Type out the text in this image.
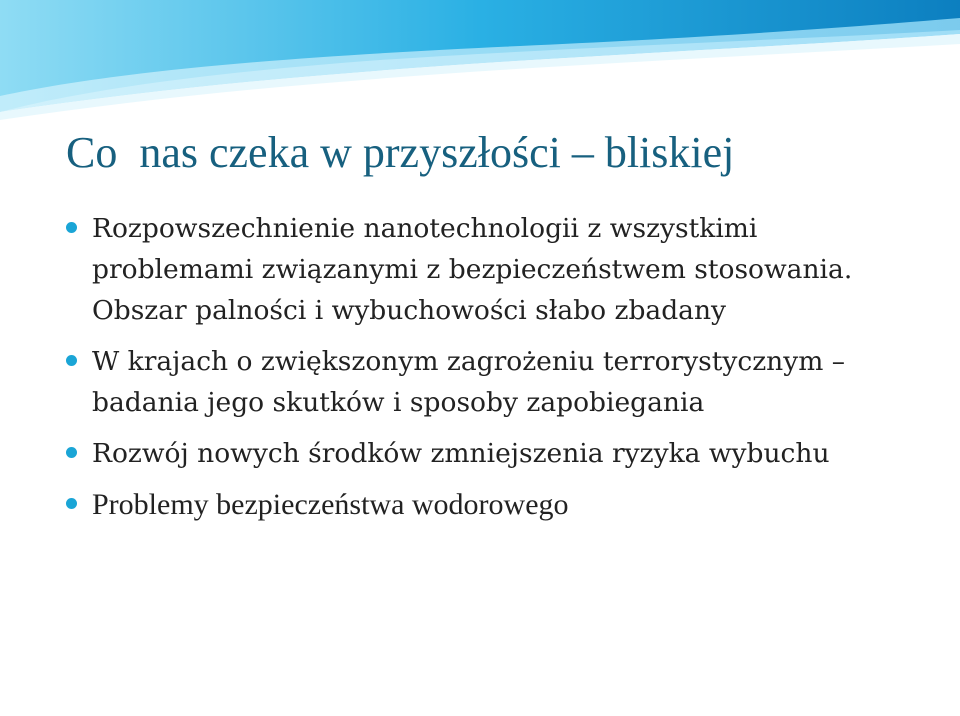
Co  nas czeka w przyszłości – bliskiej
Rozpowszechnienie nanotechnologii z wszystkimi problemami związanymi z bezpieczeństwem stosowania. Obszar palności i wybuchowości słabo zbadany
W krajach o zwiększonym zagrożeniu terrorystycznym – badania jego skutków i sposoby zapobiegania
Rozwój nowych środków zmniejszenia ryzyka wybuchu
Problemy bezpieczeństwa wodorowego
